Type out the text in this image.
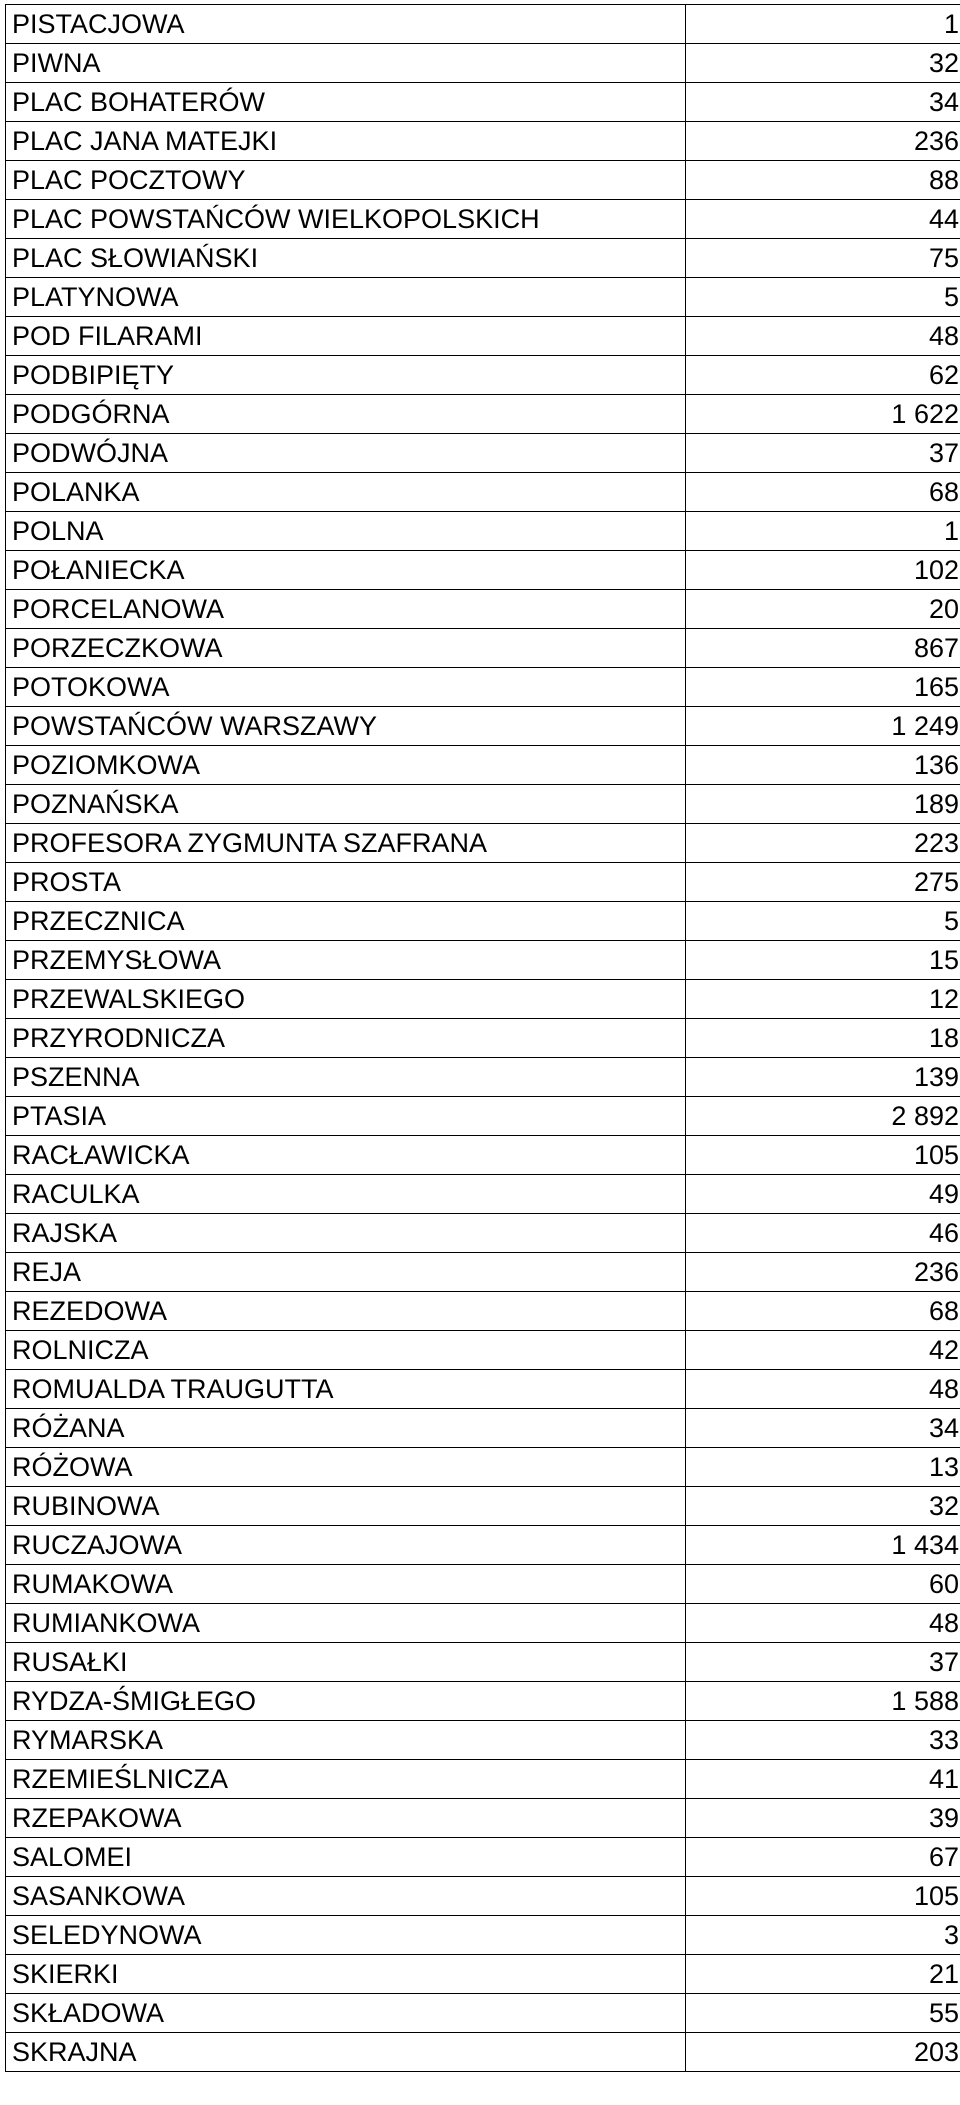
PISTACJOWA	1
PIWNA	32
PLAC BOHATERÓW	34
PLAC JANA MATEJKI	236
PLAC POCZTOWY	88
PLAC POWSTAŃCÓW WIELKOPOLSKICH	44
PLAC SŁOWIAŃSKI	75
PLATYNOWA	5
POD FILARAMI	48
PODBIPIĘTY	62
PODGÓRNA	1 622
PODWÓJNA	37
POLANKA	68
POLNA	1
POŁANIECKA	102
PORCELANOWA	20
PORZECZKOWA	867
POTOKOWA	165
POWSTAŃCÓW WARSZAWY	1 249
POZIOMKOWA	136
POZNAŃSKA	189
PROFESORA ZYGMUNTA SZAFRANA	223
PROSTA	275
PRZECZNICA	5
PRZEMYSŁOWA	15
PRZEWALSKIEGO	12
PRZYRODNICZA	18
PSZENNA	139
PTASIA	2 892
RACŁAWICKA	105
RACULKA	49
RAJSKA	46
REJA	236
REZEDOWA	68
ROLNICZA	42
ROMUALDA TRAUGUTTA	48
RÓŻANA	34
RÓŻOWA	13
RUBINOWA	32
RUCZAJOWA	1 434
RUMAKOWA	60
RUMIANKOWA	48
RUSAŁKI	37
RYDZA-ŚMIGŁEGO	1 588
RYMARSKA	33
RZEMIEŚLNICZA	41
RZEPAKOWA	39
SALOMEI	67
SASANKOWA	105
SELEDYNOWA	3
SKIERKI	21
SKŁADOWA	55
SKRAJNA	203
